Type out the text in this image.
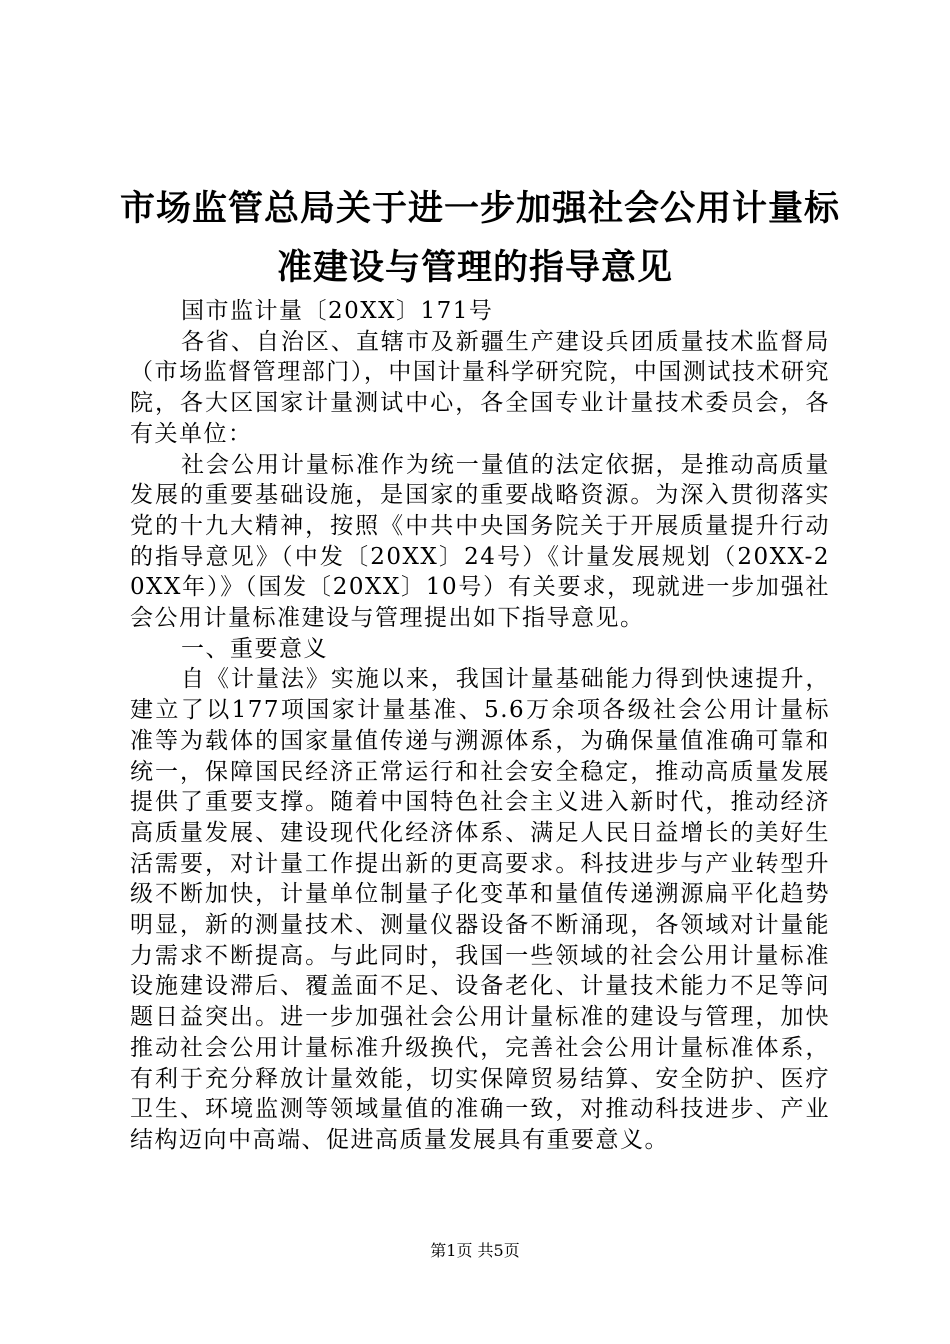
市场监管总局关于进一步加强社会公用计量标
准建设与管理的指导意见

国市监计量〔20XX〕171号

各省、自治区、直辖市及新疆生产建设兵团质量技术监督局（市场监督管理部门），中国计量科学研究院，中国测试技术研究院，各大区国家计量测试中心，各全国专业计量技术委员会，各有关单位：

社会公用计量标准作为统一量值的法定依据，是推动高质量发展的重要基础设施，是国家的重要战略资源。为深入贯彻落实党的十九大精神，按照《中共中央国务院关于开展质量提升行动的指导意见》（中发〔20XX〕24号）《计量发展规划（20XX-20XX年）》（国发〔20XX〕10号）有关要求，现就进一步加强社会公用计量标准建设与管理提出如下指导意见。

一、重要意义

自《计量法》实施以来，我国计量基础能力得到快速提升，建立了以177项国家计量基准、5.6万余项各级社会公用计量标准等为载体的国家量值传递与溯源体系，为确保量值准确可靠和统一，保障国民经济正常运行和社会安全稳定，推动高质量发展提供了重要支撑。随着中国特色社会主义进入新时代，推动经济高质量发展、建设现代化经济体系、满足人民日益增长的美好生活需要，对计量工作提出新的更高要求。科技进步与产业转型升级不断加快，计量单位制量子化变革和量值传递溯源扁平化趋势明显，新的测量技术、测量仪器设备不断涌现，各领域对计量能力需求不断提高。与此同时，我国一些领域的社会公用计量标准设施建设滞后、覆盖面不足、设备老化、计量技术能力不足等问题日益突出。进一步加强社会公用计量标准的建设与管理，加快推动社会公用计量标准升级换代，完善社会公用计量标准体系，有利于充分释放计量效能，切实保障贸易结算、安全防护、医疗卫生、环境监测等领域量值的准确一致，对推动科技进步、产业结构迈向中高端、促进高质量发展具有重要意义。

第1页 共5页
